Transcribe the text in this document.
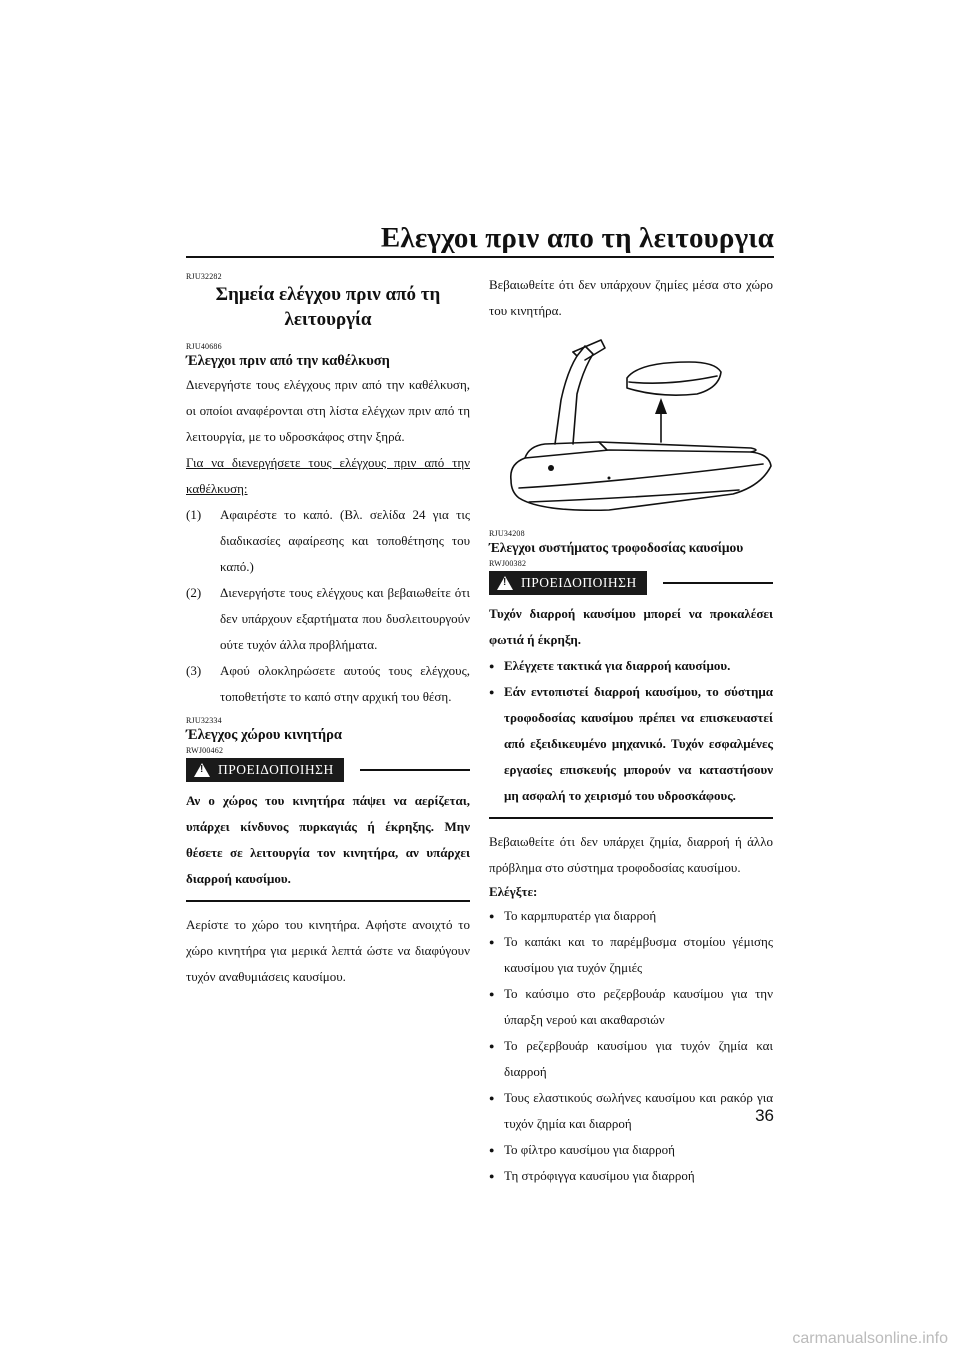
Ελεγχοι πριν απο τη λειτουργια

RJU32282

Σημεία ελέγχου πριν από τη λειτουργία

RJU40686

Έλεγχοι πριν από την καθέλκυση

Διενεργήστε τους ελέγχους πριν από την καθέλκυση, οι οποίοι αναφέρονται στη λίστα ελέγχων πριν από τη λειτουργία, με το υδροσκάφος στην ξηρά.

Για να διενεργήσετε τους ελέγχους πριν από την καθέλκυση:

(1) Αφαιρέστε το καπό. (Βλ. σελίδα 24 για τις διαδικασίες αφαίρεσης και τοποθέτησης του καπό.)
(2) Διενεργήστε τους ελέγχους και βεβαιωθείτε ότι δεν υπάρχουν εξαρτήματα που δυσλειτουργούν ούτε τυχόν άλλα προβλήματα.
(3) Αφού ολοκληρώσετε αυτούς τους ελέγχους, τοποθετήστε το καπό στην αρχική του θέση.

RJU32334

Έλεγχος χώρου κινητήρα

RWJ00462

!
ΠΡΟΕΙΔΟΠΟΙΗΣΗ

Αν ο χώρος του κινητήρα πάψει να αερίζεται, υπάρχει κίνδυνος πυρκαγιάς ή έκρηξης. Μην θέσετε σε λειτουργία τον κινητήρα, αν υπάρχει διαρροή καυσίμου.

Αερίστε το χώρο του κινητήρα. Αφήστε ανοιχτό το χώρο κινητήρα για μερικά λεπτά ώστε να διαφύγουν τυχόν αναθυμιάσεις καυσίμου.

Βεβαιωθείτε ότι δεν υπάρχουν ζημίες μέσα στο χώρο του κινητήρα.

RJU34208

Έλεγχοι συστήματος τροφοδοσίας καυσίμου

RWJ00382

!
ΠΡΟΕΙΔΟΠΟΙΗΣΗ

Τυχόν διαρροή καυσίμου μπορεί να προκαλέσει φωτιά ή έκρηξη.

● Ελέγχετε τακτικά για διαρροή καυσίμου.
● Εάν εντοπιστεί διαρροή καυσίμου, το σύστημα τροφοδοσίας καυσίμου πρέπει να επισκευαστεί από εξειδικευμένο μηχανικό. Τυχόν εσφαλμένες εργασίες επισκευής μπορούν να καταστήσουν μη ασφαλή το χειρισμό του υδροσκάφους.

Βεβαιωθείτε ότι δεν υπάρχει ζημία, διαρροή ή άλλο πρόβλημα στο σύστημα τροφοδοσίας καυσίμου.

Ελέγξτε:

● Το καρμπυρατέρ για διαρροή
● Το καπάκι και το παρέμβυσμα στομίου γέμισης καυσίμου για τυχόν ζημιές
● Το καύσιμο στο ρεζερβουάρ καυσίμου για την ύπαρξη νερού και ακαθαρσιών
● Το ρεζερβουάρ καυσίμου για τυχόν ζημία και διαρροή
● Τους ελαστικούς σωλήνες καυσίμου και ρακόρ για τυχόν ζημία και διαρροή
● Το φίλτρο καυσίμου για διαρροή
● Τη στρόφιγγα καυσίμου για διαρροή
36
carmanualsonline.info
